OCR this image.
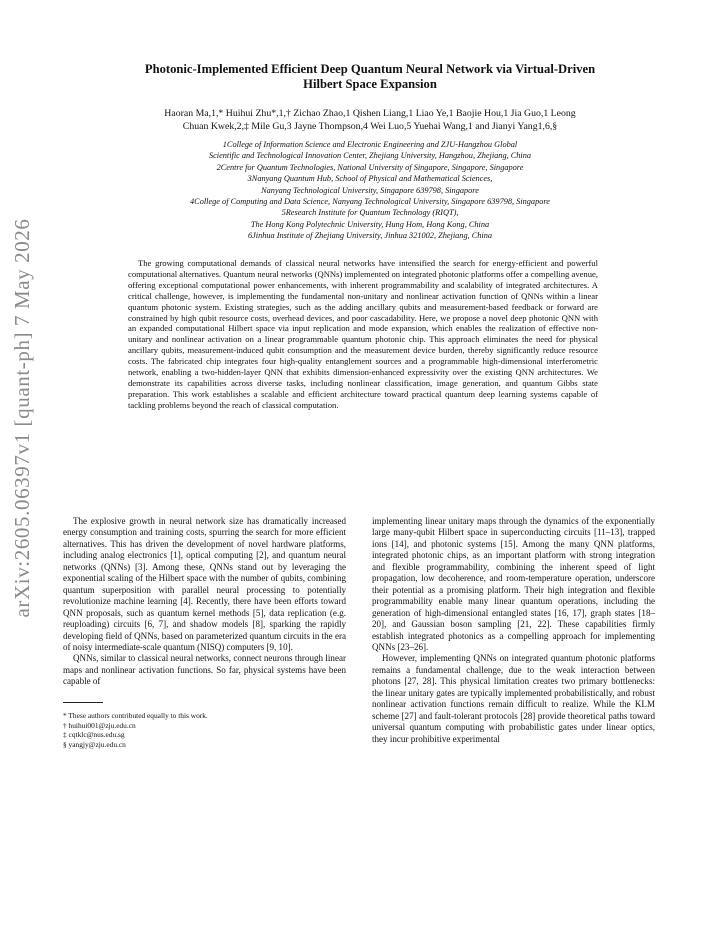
arXiv:2605.06397v1 [quant-ph] 7 May 2026
Photonic-Implemented Efficient Deep Quantum Neural Network via Virtual-Driven
Hilbert Space Expansion
Haoran Ma,1,* Huihui Zhu*,1,† Zichao Zhao,1 Qishen Liang,1 Liao Ye,1 Baojie Hou,1 Jia Guo,1 Leong
Chuan Kwek,2,‡ Mile Gu,3 Jayne Thompson,4 Wei Luo,5 Yuehai Wang,1 and Jianyi Yang1,6,§
1College of Information Science and Electronic Engineering and ZJU-Hangzhou Global
Scientific and Technological Innovation Center, Zhejiang University, Hangzhou, Zhejiang, China
2Centre for Quantum Technologies, National University of Singapore, Singapore, Singapore
3Nanyang Quantum Hub, School of Physical and Mathematical Sciences,
Nanyang Technological University, Singapore 639798, Singapore
4College of Computing and Data Science, Nanyang Technological University, Singapore 639798, Singapore
5Research Institute for Quantum Technology (RIQT),
The Hong Kong Polytechnic University, Hung Hom, Hong Kong, China
6Jinhua Institute of Zhejiang University, Jinhua 321002, Zhejiang, China
The growing computational demands of classical neural networks have intensified the search for energy-efficient and powerful computational alternatives. Quantum neural networks (QNNs) implemented on integrated photonic platforms offer a compelling avenue, offering exceptional computational power enhancements, with inherent programmability and scalability of integrated architectures. A critical challenge, however, is implementing the fundamental non-unitary and nonlinear activation function of QNNs within a linear quantum photonic system. Existing strategies, such as the adding ancillary qubits and measurement-based feedback or forward are constrained by high qubit resource costs, overhead devices, and poor cascadability. Here, we propose a novel deep photonic QNN with an expanded computational Hilbert space via input replication and mode expansion, which enables the realization of effective non-unitary and nonlinear activation on a linear programmable quantum photonic chip. This approach eliminates the need for physical ancillary qubits, measurement-induced qubit consumption and the measurement device burden, thereby significantly reduce resource costs. The fabricated chip integrates four high-quality entanglement sources and a programmable high-dimensional interferometric network, enabling a two-hidden-layer QNN that exhibits dimension-enhanced expressivity over the existing QNN architectures. We demonstrate its capabilities across diverse tasks, including nonlinear classification, image generation, and quantum Gibbs state preparation. This work establishes a scalable and efficient architecture toward practical quantum deep learning systems capable of tackling problems beyond the reach of classical computation.

The explosive growth in neural network size has dramatically increased energy consumption and training costs, spurring the search for more efficient alternatives. This has driven the development of novel hardware platforms, including analog electronics [1], optical computing [2], and quantum neural networks (QNNs) [3]. Among these, QNNs stand out by leveraging the exponential scaling of the Hilbert space with the number of qubits, combining quantum superposition with parallel neural processing to potentially revolutionize machine learning [4]. Recently, there have been efforts toward QNN proposals, such as quantum kernel methods [5], data replication (e.g. reuploading) circuits [6, 7], and shadow models [8], sparking the rapidly developing field of QNNs, based on parameterized quantum circuits in the era of noisy intermediate-scale quantum (NISQ) computers [9, 10].

QNNs, similar to classical neural networks, connect neurons through linear maps and nonlinear activation functions. So far, physical systems have been capable of

* These authors contributed equally to this work.
† huihui001@zju.edu.cn
‡ cqtklc@nus.edu.sg
§ yangjy@zju.edu.cn

implementing linear unitary maps through the dynamics of the exponentially large many-qubit Hilbert space in superconducting circuits [11–13], trapped ions [14], and photonic systems [15]. Among the many QNN platforms, integrated photonic chips, as an important platform with strong integration and flexible programmability, combining the inherent speed of light propagation, low decoherence, and room-temperature operation, underscore their potential as a promising platform. Their high integration and flexible programmability enable many linear quantum operations, including the generation of high-dimensional entangled states [16, 17], graph states [18–20], and Gaussian boson sampling [21, 22]. These capabilities firmly establish integrated photonics as a compelling approach for implementing QNNs [23–26].

However, implementing QNNs on integrated quantum photonic platforms remains a fundamental challenge, due to the weak interaction between photons [27, 28]. This physical limitation creates two primary bottlenecks: the linear unitary gates are typically implemented probabilistically, and robust nonlinear activation functions remain difficult to realize. While the KLM scheme [27] and fault-tolerant protocols [28] provide theoretical paths toward universal quantum computing with probabilistic gates under linear optics, they incur prohibitive experimental
